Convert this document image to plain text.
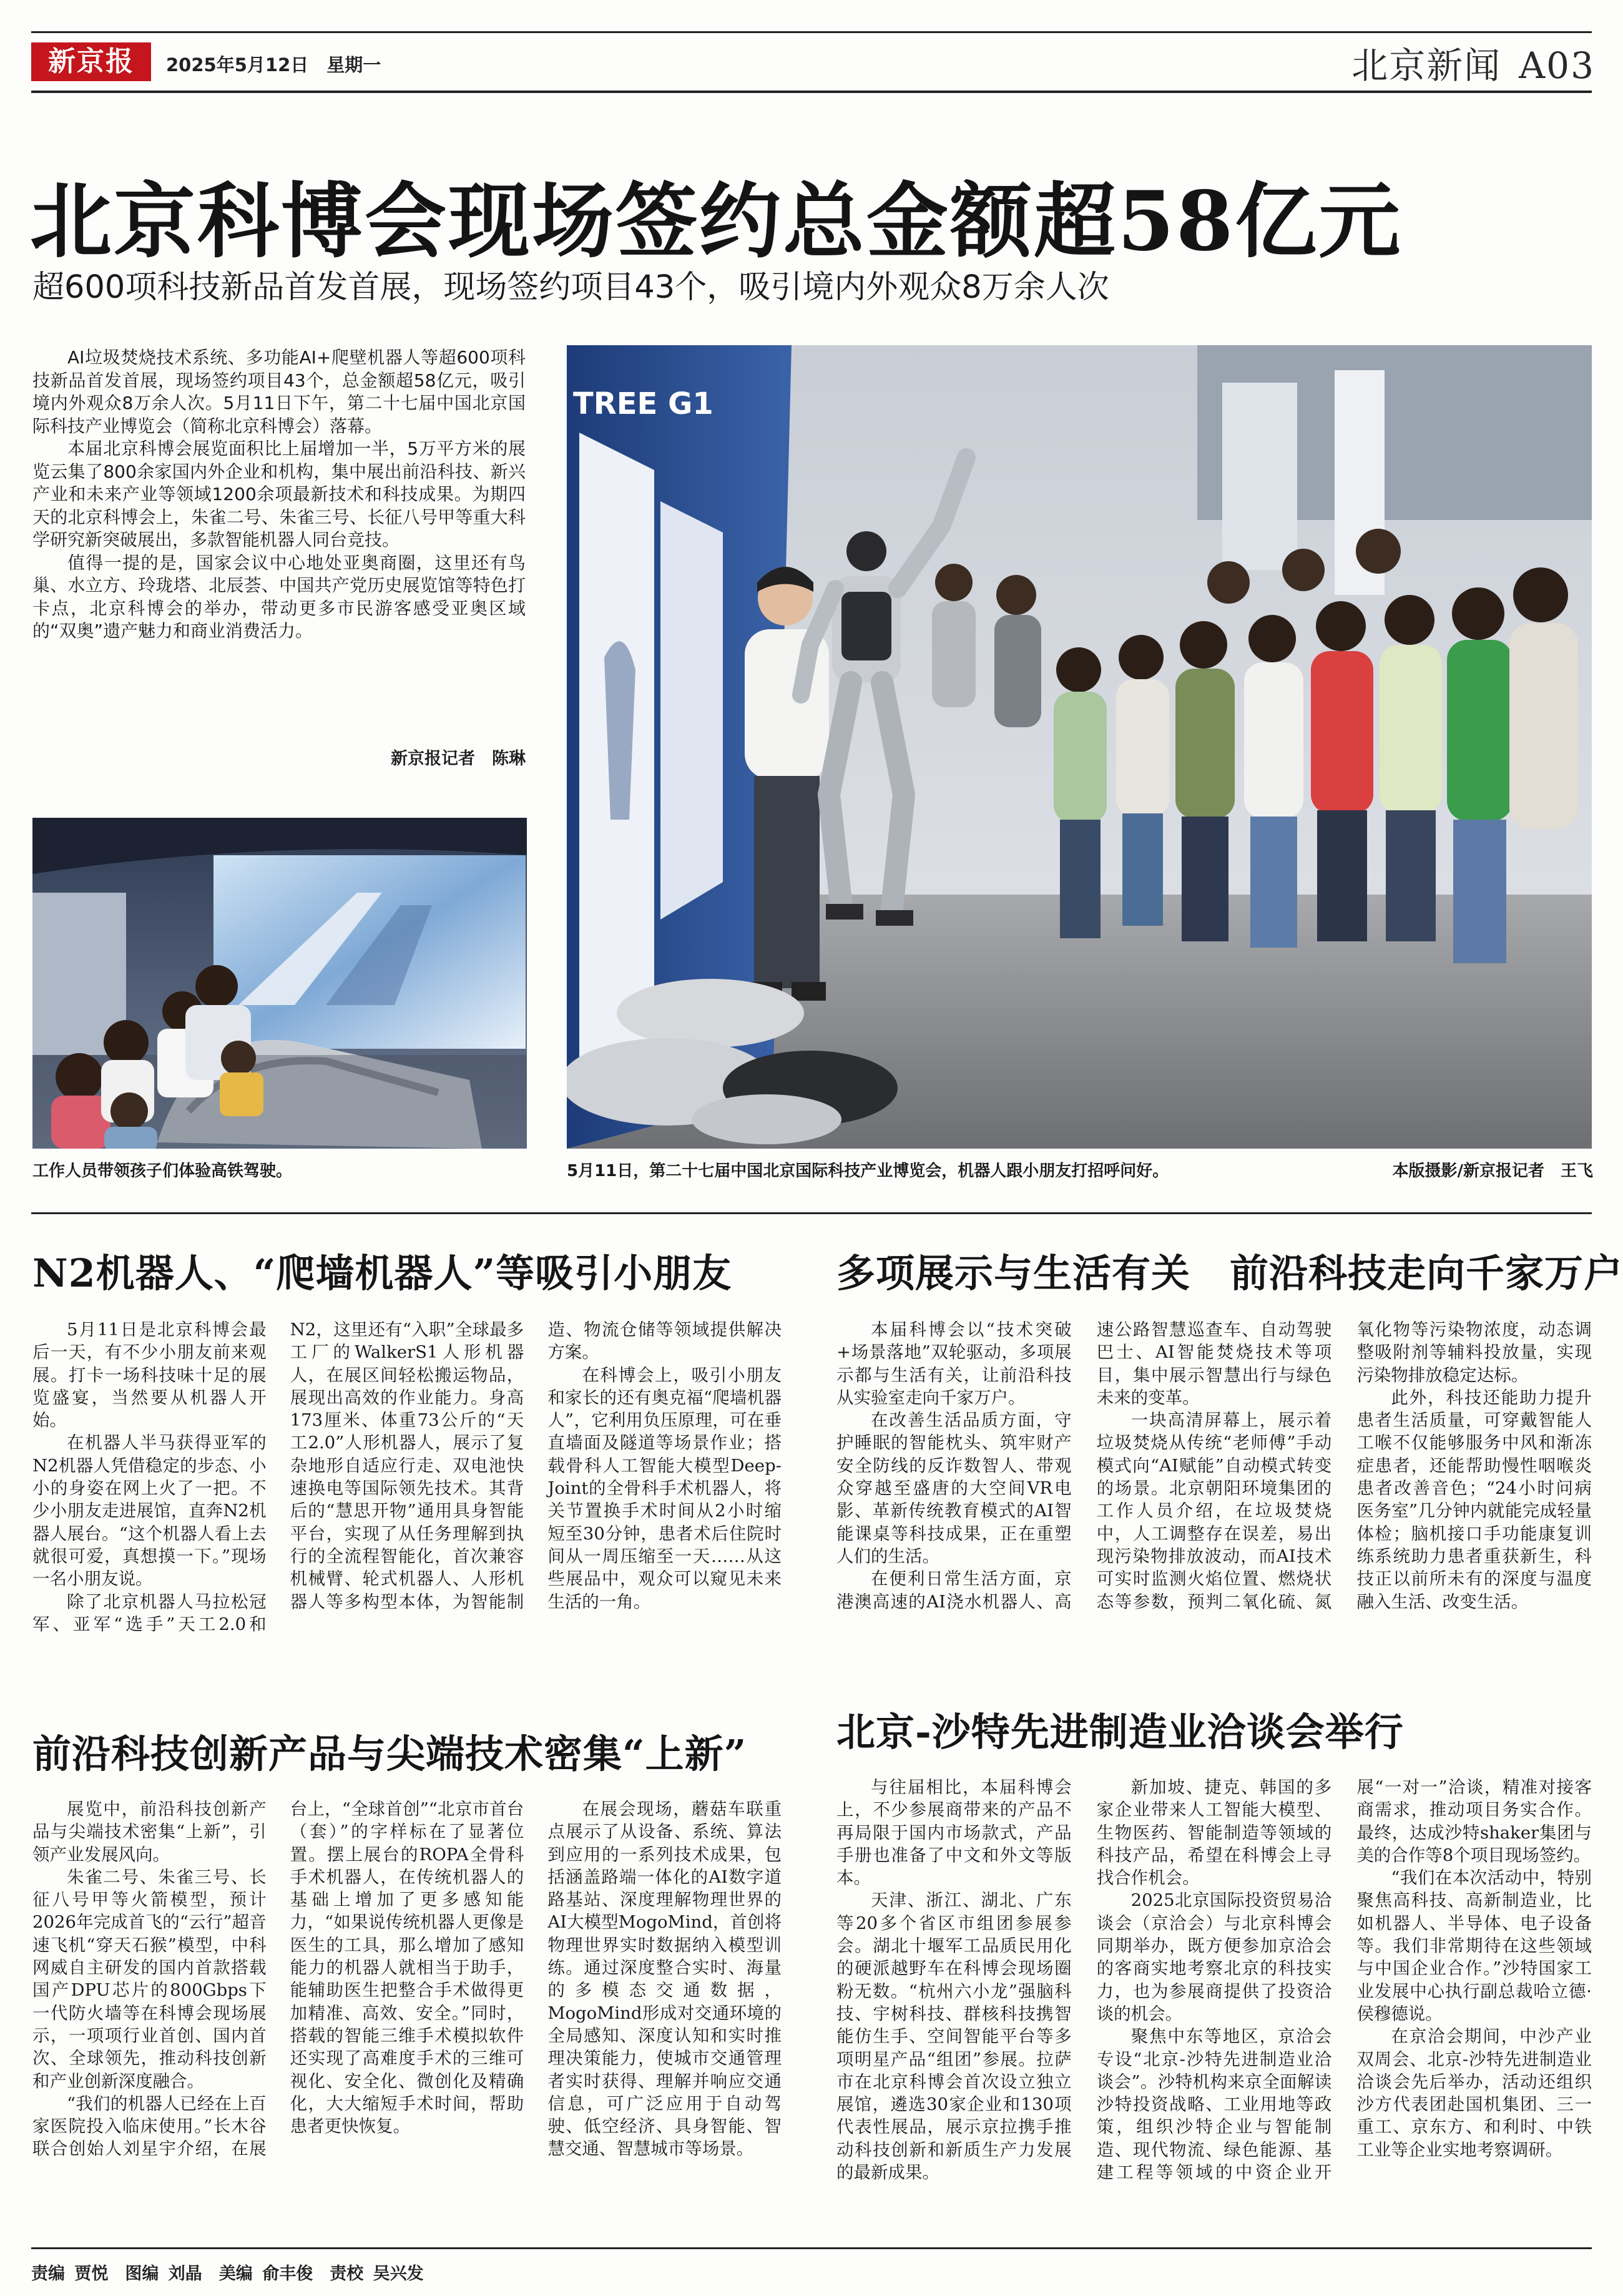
新京报	2025年5月12日　星期一	北京新闻 A03
北京科博会现场签约总金额超58亿元
超600项科技新品首发首展，现场签约项目43个，吸引境内外观众8万余人次

AI垃圾焚烧技术系统、多功能AI+爬壁机器人等超600项科技新品首发首展，现场签约项目43个，总金额超58亿元，吸引境内外观众8万余人次。5月11日下午，第二十七届中国北京国际科技产业博览会（简称北京科博会）落幕。

本届北京科博会展览面积比上届增加一半，5万平方米的展览云集了800余家国内外企业和机构，集中展出前沿科技、新兴产业和未来产业等领域1200余项最新技术和科技成果。为期四天的北京科博会上，朱雀二号、朱雀三号、长征八号甲等重大科学研究新突破展出，多款智能机器人同台竞技。

值得一提的是，国家会议中心地处亚奥商圈，这里还有鸟巢、水立方、玲珑塔、北辰荟、中国共产党历史展览馆等特色打卡点，北京科博会的举办，带动更多市民游客感受亚奥区域的“双奥”遗产魅力和商业消费活力。

新京报记者　陈琳
工作人员带领孩子们体验高铁驾驶。
TREE G1
5月11日，第二十七届中国北京国际科技产业博览会，机器人跟小朋友打招呼问好。	本版摄影/新京报记者　王飞
N2机器人、“爬墙机器人”等吸引小朋友

5月11日是北京科博会最后一天，有不少小朋友前来观展。打卡一场科技味十足的展览盛宴，当然要从机器人开始。

在机器人半马获得亚军的N2机器人凭借稳定的步态、小小的身姿在网上火了一把。不少小朋友走进展馆，直奔N2机器人展台。“这个机器人看上去就很可爱，真想摸一下。”现场一名小朋友说。

除了北京机器人马拉松冠军、亚军“选手”天工2.0和N2，这里还有“入职”全球最多工厂的WalkerS1人形机器人，在展区间轻松搬运物品，展现出高效的作业能力。身高173厘米、体重73公斤的“天工2.0”人形机器人，展示了复杂地形自适应行走、双电池快速换电等国际领先技术。其背后的“慧思开物”通用具身智能平台，实现了从任务理解到执行的全流程智能化，首次兼容机械臂、轮式机器人、人形机器人等多构型本体，为智能制造、物流仓储等领域提供解决方案。

在科博会上，吸引小朋友和家长的还有奥克福“爬墙机器人”，它利用负压原理，可在垂直墙面及隧道等场景作业；搭载骨科人工智能大模型Deep-Joint的全骨科手术机器人，将关节置换手术时间从2小时缩短至30分钟，患者术后住院时间从一周压缩至一天……从这些展品中，观众可以窥见未来生活的一角。

多项展示与生活有关　前沿科技走向千家万户

本届科博会以“技术突破+场景落地”双轮驱动，多项展示都与生活有关，让前沿科技从实验室走向千家万户。

在改善生活品质方面，守护睡眠的智能枕头、筑牢财产安全防线的反诈数智人、带观众穿越至盛唐的大空间VR电影、革新传统教育模式的AI智能课桌等科技成果，正在重塑人们的生活。

在便利日常生活方面，京港澳高速的AI浇水机器人、高速公路智慧巡查车、自动驾驶巴士、AI智能焚烧技术等项目，集中展示智慧出行与绿色未来的变革。

一块高清屏幕上，展示着垃圾焚烧从传统“老师傅”手动模式向“AI赋能”自动模式转变的场景。北京朝阳环境集团的工作人员介绍，在垃圾焚烧中，人工调整存在误差，易出现污染物排放波动，而AI技术可实时监测火焰位置、燃烧状态等参数，预判二氧化硫、氮氧化物等污染物浓度，动态调整吸附剂等辅料投放量，实现污染物排放稳定达标。

此外，科技还能助力提升患者生活质量，可穿戴智能人工喉不仅能够服务中风和渐冻症患者，还能帮助慢性咽喉炎患者改善音色；“24小时问病医务室”几分钟内就能完成轻量体检；脑机接口手功能康复训练系统助力患者重获新生，科技正以前所未有的深度与温度融入生活、改变生活。

前沿科技创新产品与尖端技术密集“上新”

展览中，前沿科技创新产品与尖端技术密集“上新”，引领产业发展风向。

朱雀二号、朱雀三号、长征八号甲等火箭模型，预计2026年完成首飞的“云行”超音速飞机“穿天石猴”模型，中科网威自主研发的国内首款搭载国产DPU芯片的800Gbps下一代防火墙等在科博会现场展示，一项项行业首创、国内首次、全球领先，推动科技创新和产业创新深度融合。

“我们的机器人已经在上百家医院投入临床使用。”长木谷联合创始人刘星宇介绍，在展台上，“全球首创”“北京市首台（套）”的字样标在了显著位置。摆上展台的ROPA全骨科手术机器人，在传统机器人的基础上增加了更多感知能力，“如果说传统机器人更像是医生的工具，那么增加了感知能力的机器人就相当于助手，能辅助医生把整合手术做得更加精准、高效、安全。”同时，搭载的智能三维手术模拟软件还实现了高难度手术的三维可视化、安全化、微创化及精确化，大大缩短手术时间，帮助患者更快恢复。

在展会现场，蘑菇车联重点展示了从设备、系统、算法到应用的一系列技术成果，包括涵盖路端一体化的AI数字道路基站、深度理解物理世界的AI大模型MogoMind，首创将物理世界实时数据纳入模型训练。通过深度整合实时、海量的多模态交通数据，MogoMind形成对交通环境的全局感知、深度认知和实时推理决策能力，使城市交通管理者实时获得、理解并响应交通信息，可广泛应用于自动驾驶、低空经济、具身智能、智慧交通、智慧城市等场景。

北京-沙特先进制造业洽谈会举行

与往届相比，本届科博会上，不少参展商带来的产品不再局限于国内市场款式，产品手册也准备了中文和外文等版本。

天津、浙江、湖北、广东等20多个省区市组团参展参会。湖北十堰军工品质民用化的硬派越野车在科博会现场圈粉无数。“杭州六小龙”强脑科技、宇树科技、群核科技携智能仿生手、空间智能平台等多项明星产品“组团”参展。拉萨市在北京科博会首次设立独立展馆，遴选30家企业和130项代表性展品，展示京拉携手推动科技创新和新质生产力发展的最新成果。

新加坡、捷克、韩国的多家企业带来人工智能大模型、生物医药、智能制造等领域的科技产品，希望在科博会上寻找合作机会。

2025北京国际投资贸易洽谈会（京洽会）与北京科博会同期举办，既方便参加京洽会的客商实地考察北京的科技实力，也为参展商提供了投资洽谈的机会。

聚焦中东等地区，京洽会专设“北京-沙特先进制造业洽谈会”。沙特机构来京全面解读沙特投资战略、工业用地等政策，组织沙特企业与智能制造、现代物流、绿色能源、基建工程等领域的中资企业开展“一对一”洽谈，精准对接客商需求，推动项目务实合作。最终，达成沙特shaker集团与美的合作等8个项目现场签约。

“我们在本次活动中，特别聚焦高科技、高新制造业，比如机器人、半导体、电子设备等。我们非常期待在这些领域与中国企业合作。”沙特国家工业发展中心执行副总裁哈立德·侯穆德说。

在京洽会期间，中沙产业双周会、北京-沙特先进制造业洽谈会先后举办，活动还组织沙方代表团赴国机集团、三一重工、京东方、和利时、中铁工业等企业实地考察调研。

责编 贾悦　图编 刘晶　美编 俞丰俊　责校 吴兴发
